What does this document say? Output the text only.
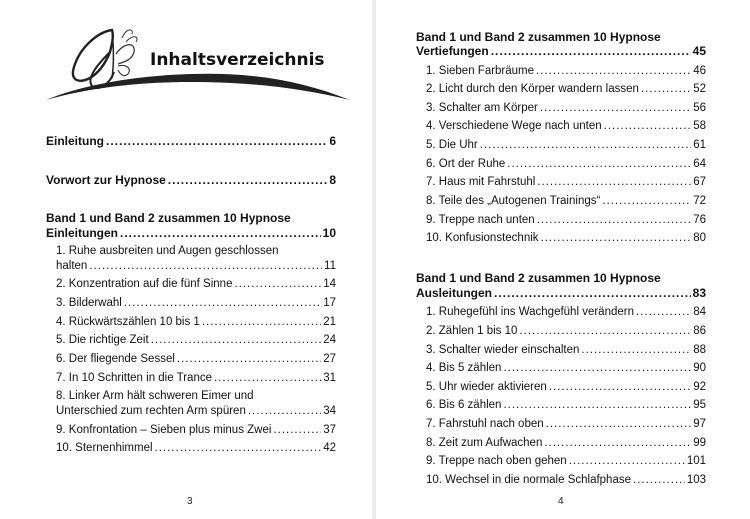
Inhaltsverzeichnis
Einleitung .....	6
Vorwort zur Hypnose .....	8
Band 1 und Band 2 zusammen 10 Hypnose
Einleitungen .....	10
1. Ruhe ausbreiten und Augen geschlossen
halten .....	11
2. Konzentration auf die fünf Sinne .....	14
3. Bilderwahl .....	17
4. Rückwärtszählen 10 bis 1 .....	21
5. Die richtige Zeit .....	24
6. Der fliegende Sessel .....	27
7. In 10 Schritten in die Trance .....	31
8. Linker Arm hält schweren Eimer und
Unterschied zum rechten Arm spüren .....	34
9. Konfrontation – Sieben plus minus Zwei .....	37
10. Sternenhimmel .....	42
3
Band 1 und Band 2 zusammen 10 Hypnose
Vertiefungen .....	45
1. Sieben Farbräume .....	46
2. Licht durch den Körper wandern lassen .....	52
3. Schalter am Körper .....	56
4. Verschiedene Wege nach unten .....	58
5. Die Uhr .....	61
6. Ort der Ruhe .....	64
7. Haus mit Fahrstuhl .....	67
8. Teile des „Autogenen Trainings“ .....	72
9. Treppe nach unten .....	76
10. Konfusionstechnik .....	80
Band 1 und Band 2 zusammen 10 Hypnose
Ausleitungen .....	83
1. Ruhegefühl ins Wachgefühl verändern .....	84
2. Zählen 1 bis 10 .....	86
3. Schalter wieder einschalten .....	88
4. Bis 5 zählen .....	90
5. Uhr wieder aktivieren .....	92
6. Bis 6 zählen .....	95
7. Fahrstuhl nach oben .....	97
8. Zeit zum Aufwachen .....	99
9. Treppe nach oben gehen .....	101
10. Wechsel in die normale Schlafphase .....	103
4
